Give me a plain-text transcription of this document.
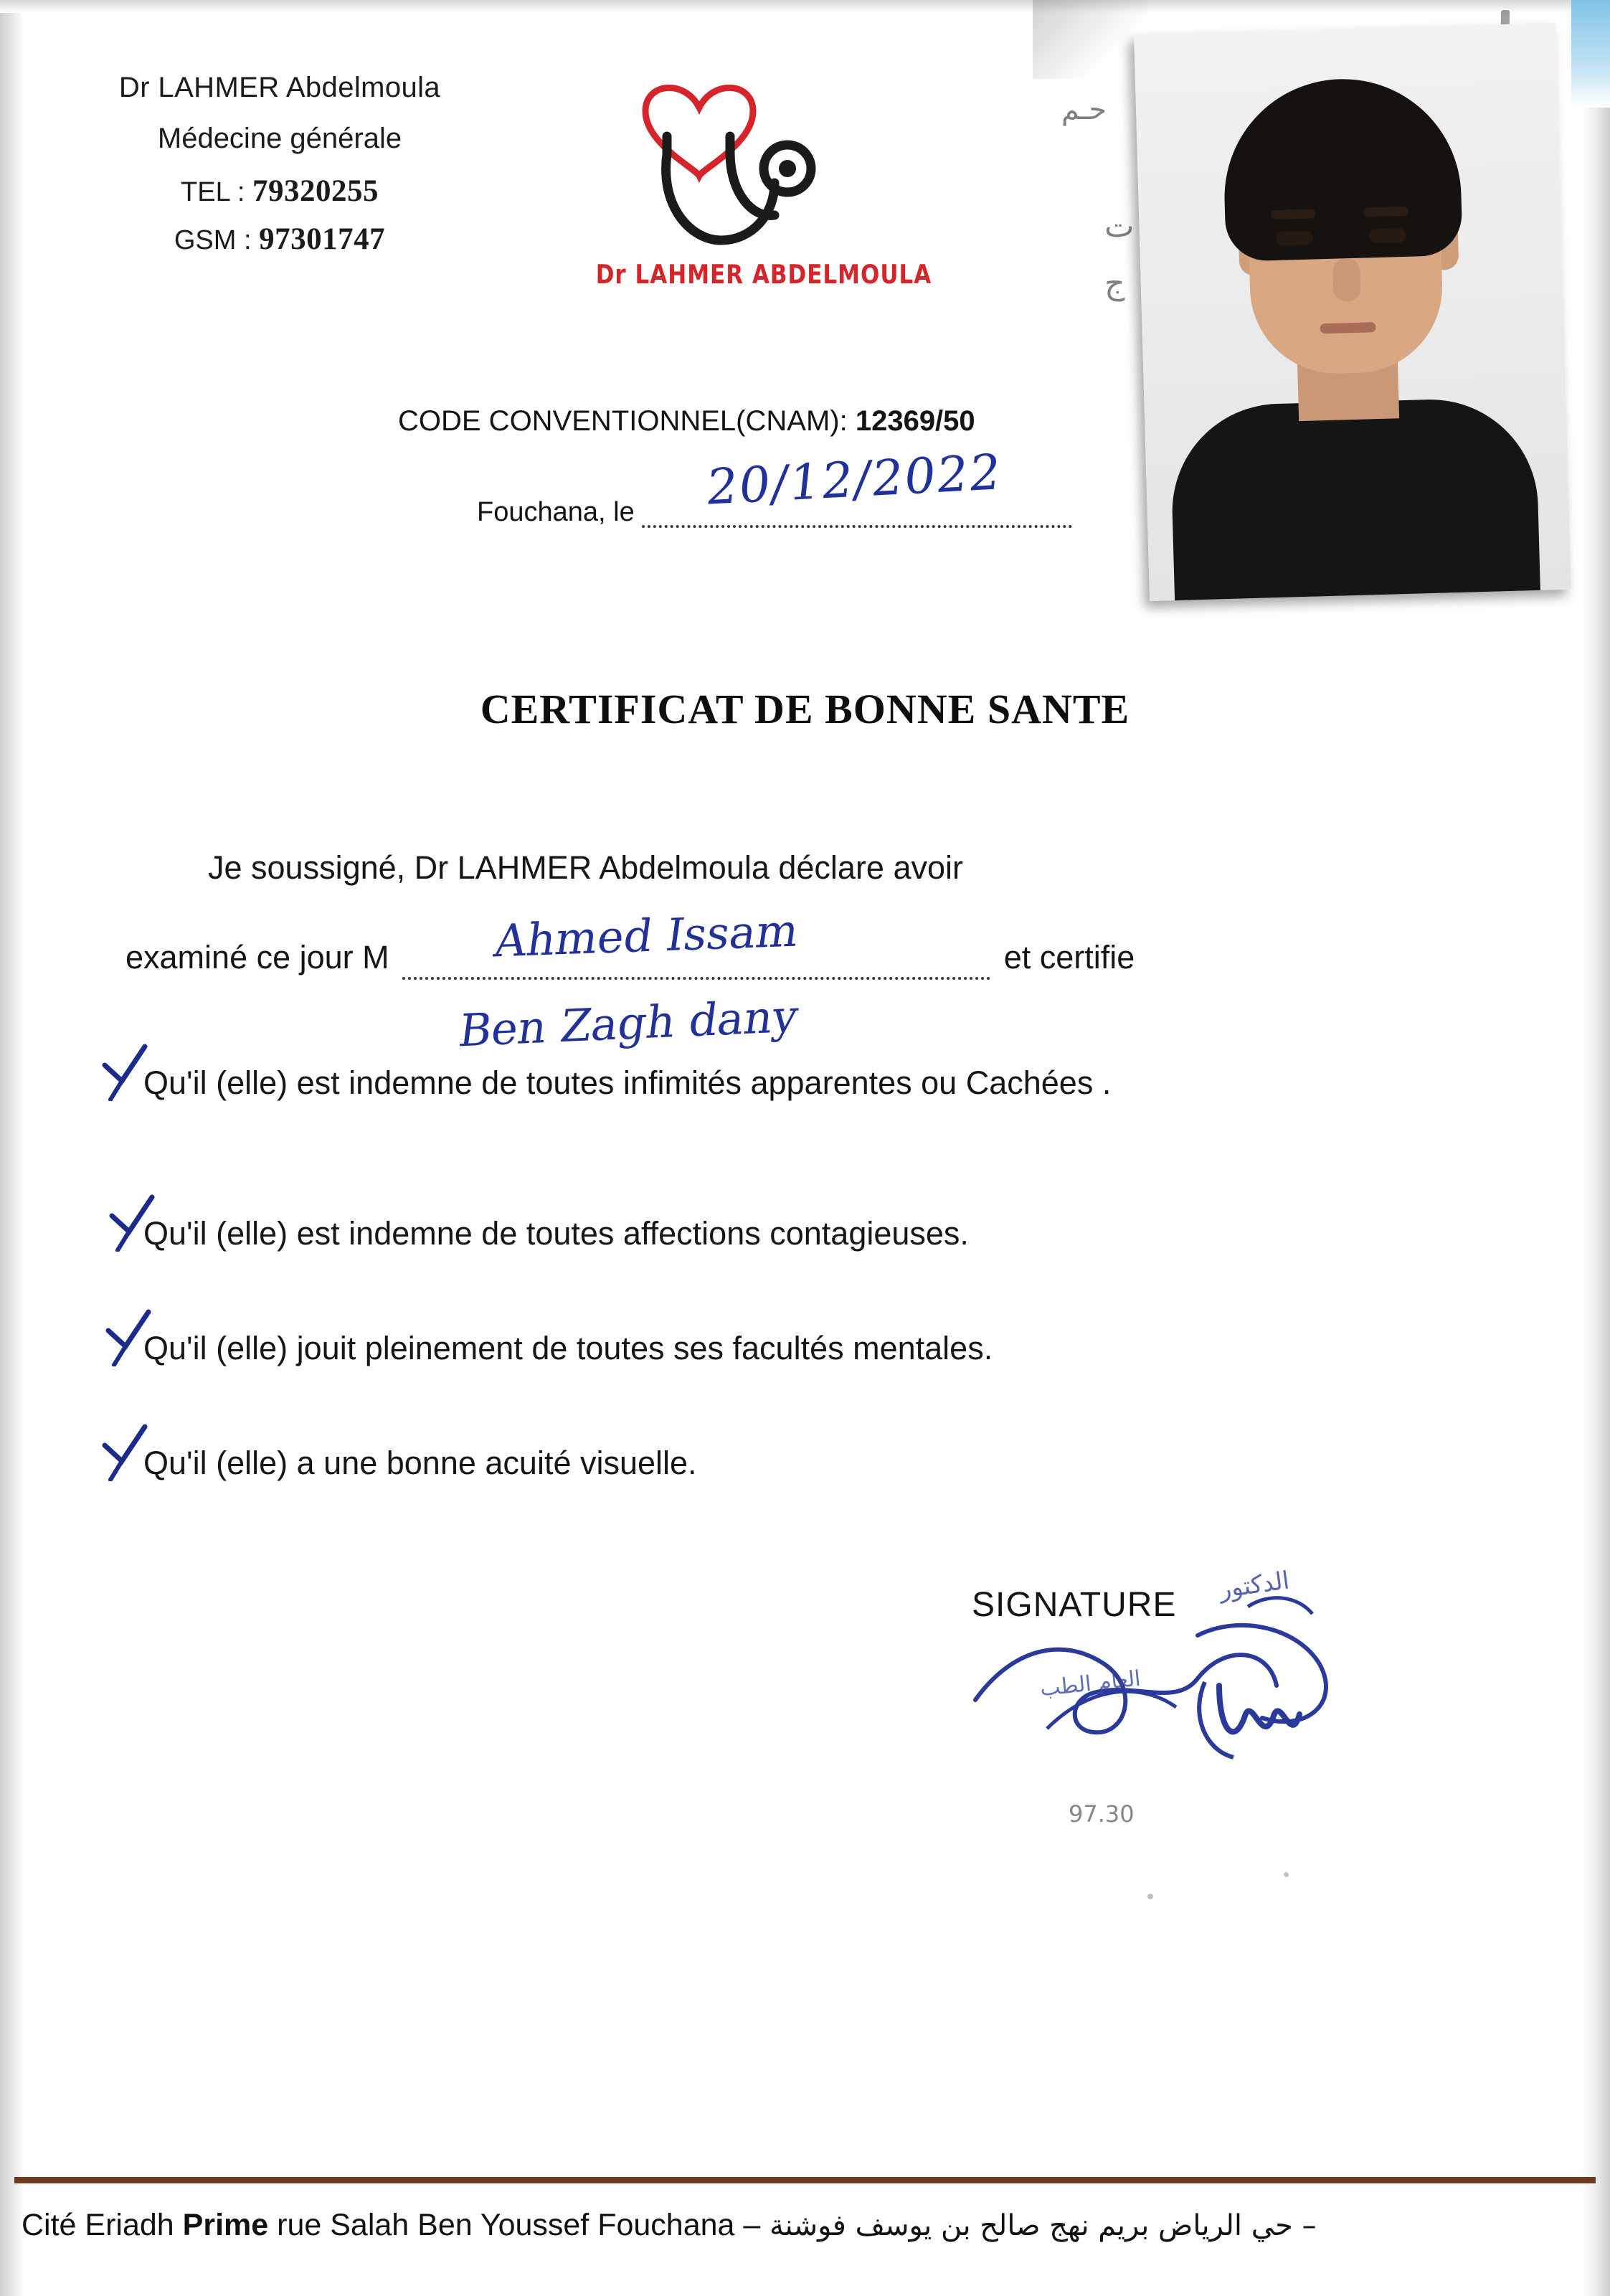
Dr LAHMER Abdelmoula
Médecine générale
TEL : 79320255
GSM : 97301747
Dr LAHMER ABDELMOULA
حـم
ت
ج
CODE CONVENTIONNEL(CNAM): 12369/50
Fouchana, le	20/12/2022
CERTIFICAT DE BONNE SANTE
Je soussigné, Dr LAHMER Abdelmoula déclare avoir
examiné ce jour M	et certifie
Ahmed Issam
Ben Zagh dany
Qu'il (elle) est indemne de toutes infimités apparentes ou Cachées .
Qu'il (elle) est indemne de toutes affections contagieuses.
Qu'il (elle) jouit pleinement de toutes ses facultés mentales.
Qu'il (elle) a une bonne acuité visuelle.
SIGNATURE
الدكتور
العام الطب
97.30
Cité Eriadh Prime rue Salah Ben Youssef Fouchana – حي الرياض بريم نهج صالح بن يوسف فوشنة –
